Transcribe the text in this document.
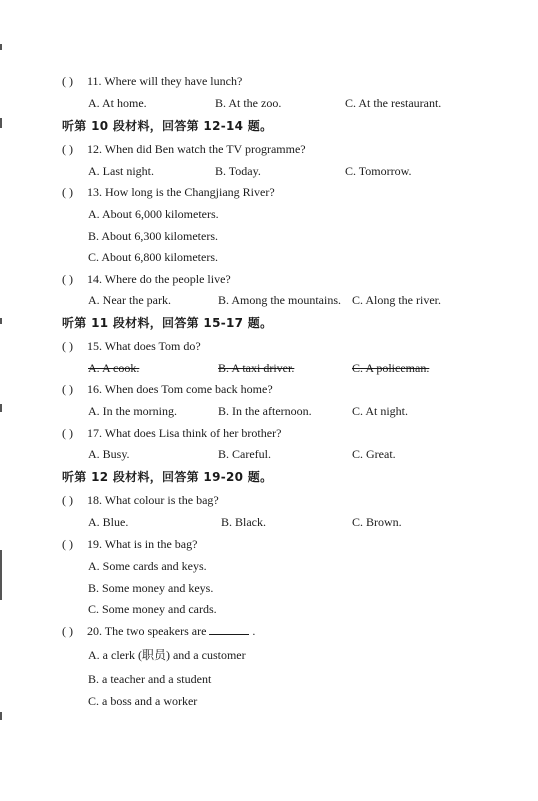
( ) 11. Where will they have lunch?
A. At home.	B. At the zoo.	C. At the restaurant.
听第 10 段材料，回答第 12-14 题。
( ) 12. When did Ben watch the TV programme?
A. Last night.	B. Today.	C. Tomorrow.
( ) 13. How long is the Changjiang River?
A. About 6,000 kilometers.
B. About 6,300 kilometers.
C. About 6,800 kilometers.
( ) 14. Where do the people live?
A. Near the park.	B. Among the mountains. C. Along the river.
听第 11 段材料，回答第 15-17 题。
( ) 15. What does Tom do?
A. A cook.	B. A taxi driver.	C. A policeman.
( ) 16. When does Tom come back home?
A. In the morning.	B. In the afternoon.	C. At night.
( ) 17. What does Lisa think of her brother?
A. Busy.	B. Careful.	C. Great.
听第 12 段材料，回答第 19-20 题。
( ) 18. What colour is the bag?
A. Blue.	B. Black.	C. Brown.
( ) 19. What is in the bag?
A. Some cards and keys.
B. Some money and keys.
C. Some money and cards.
( ) 20. The two speakers are	.
A. a clerk (职员) and a customer
B. a teacher and a student
C. a boss and a worker
